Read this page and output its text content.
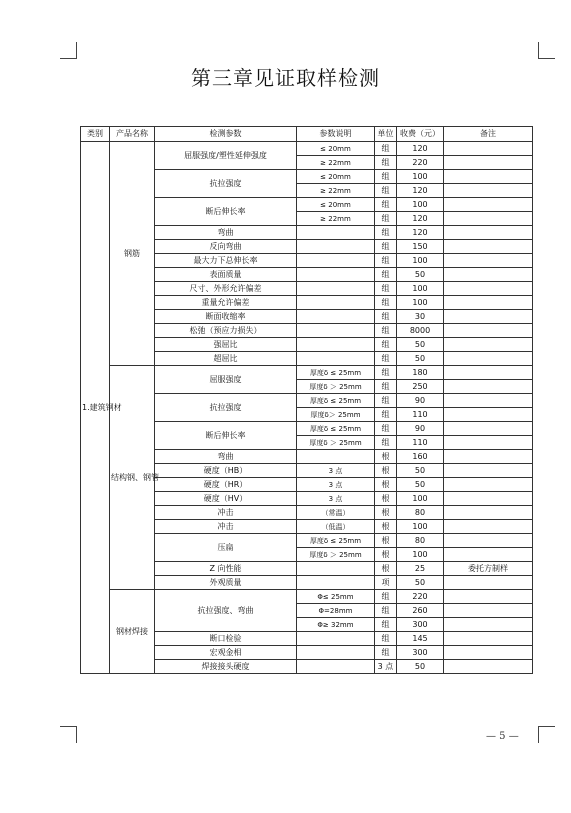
第三章见证取样检测
类别	产品名称	检测参数	参数说明	单位	收费（元）	备注
1.建筑钢材	钢筋	屈服强度/塑性延伸强度	≤ 20mm	组	120	
			≥ 22mm	组	220	
		抗拉强度	≤ 20mm	组	100	
			≥ 22mm	组	120	
		断后伸长率	≤ 20mm	组	100	
			≥ 22mm	组	120	
		弯曲		组	120	
		反向弯曲		组	150	
		最大力下总伸长率		组	100	
		表面质量		组	50	
		尺寸、外形允许偏差		组	100	
		重量允许偏差		组	100	
		断面收缩率		组	30	
		松弛（预应力损失）		组	8000	
		强屈比		组	50	
		超屈比		组	50	
	结构钢、钢管	屈服强度	厚度δ ≤ 25mm	组	180	
			厚度δ ＞ 25mm	组	250	
		抗拉强度	厚度δ ≤ 25mm	组	90	
			厚度δ＞ 25mm	组	110	
		断后伸长率	厚度δ ≤ 25mm	组	90	
			厚度δ ＞ 25mm	组	110	
		弯曲		根	160	
		硬度（HB）	3 点	根	50	
		硬度（HR）	3 点	根	50	
		硬度（HV）	3 点	根	100	
		冲击	（常温）	根	80	
		冲击	（低温）	根	100	
		压扁	厚度δ ≤ 25mm	根	80	
			厚度δ ＞ 25mm	根	100	
		Z 向性能		根	25	委托方制样
		外观质量		项	50	
	钢材焊接	抗拉强度、弯曲	Φ≤ 25mm	组	220	
			Φ=28mm	组	260	
			Φ≥ 32mm	组	300	
		断口检验		组	145	
		宏观金相		组	300	
		焊接接头硬度		3 点	50	
— 5 —
